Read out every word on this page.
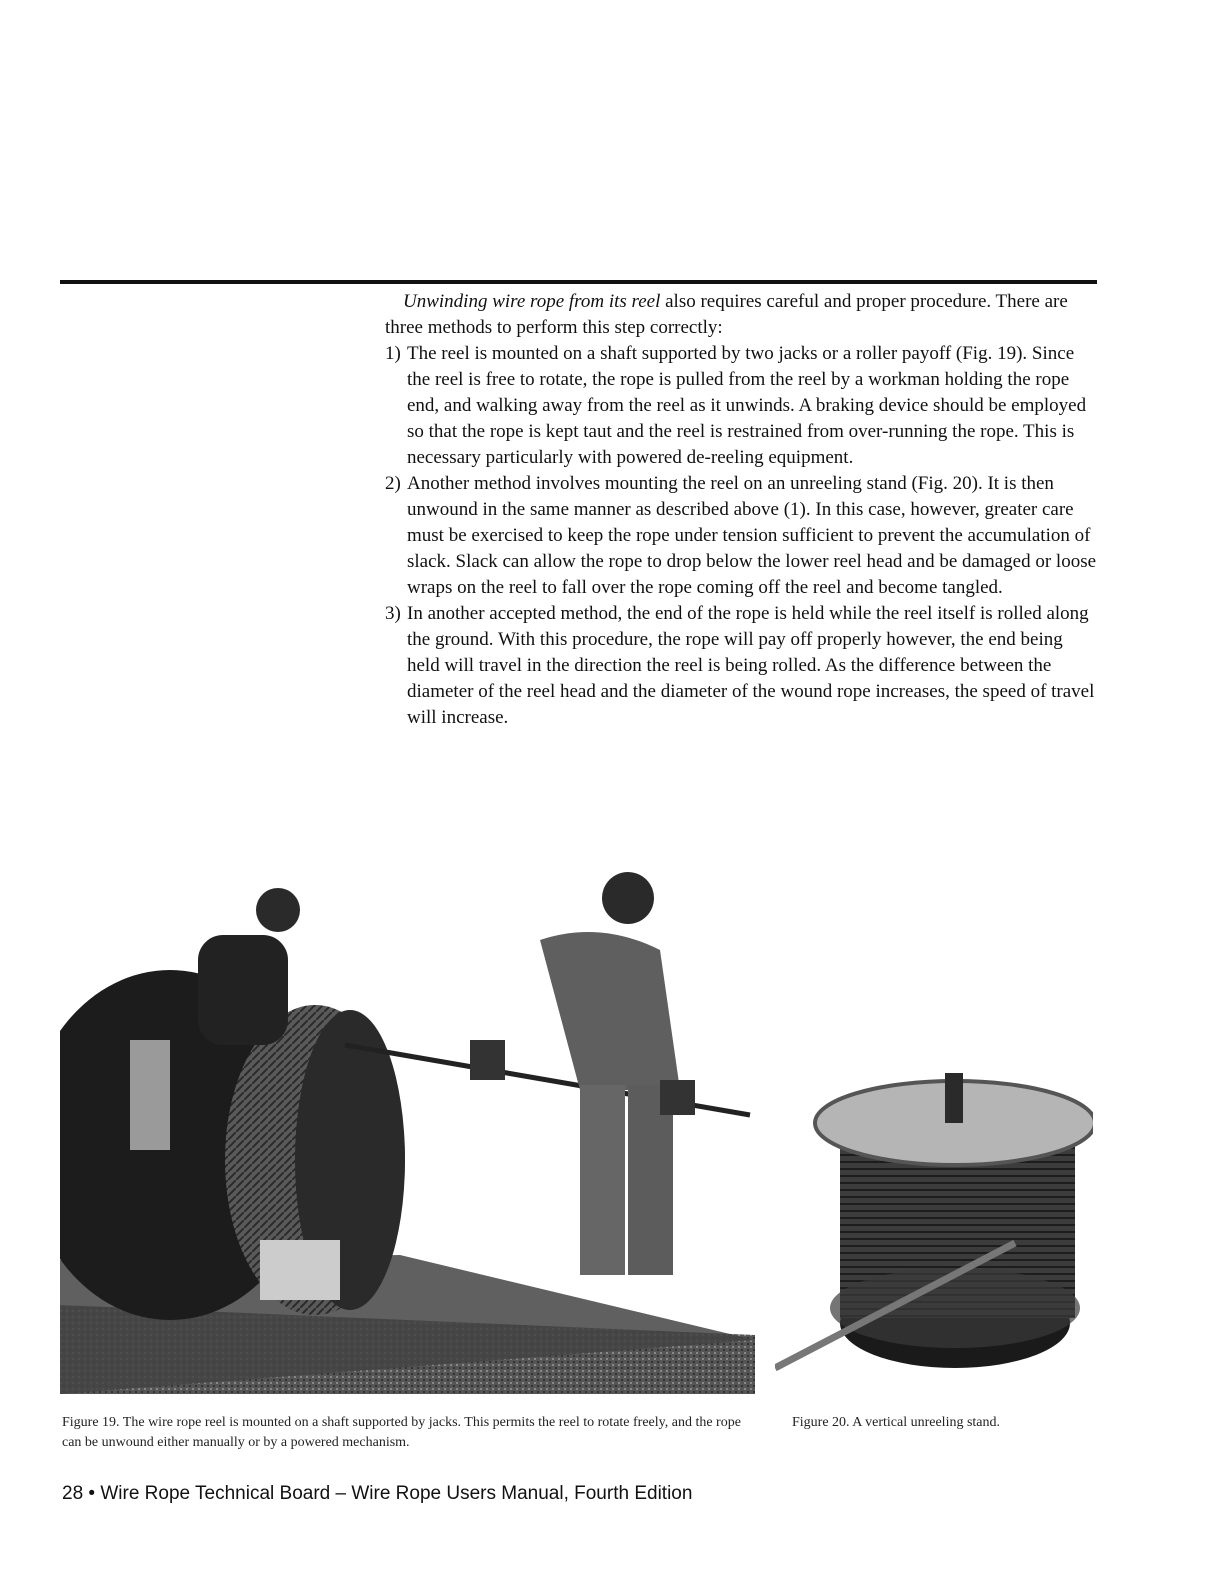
Unwinding wire rope from its reel also requires careful and proper procedure. There are three methods to perform this step correctly:

1) The reel is mounted on a shaft supported by two jacks or a roller payoff (Fig. 19). Since the reel is free to rotate, the rope is pulled from the reel by a workman holding the rope end, and walking away from the reel as it unwinds. A braking device should be employed so that the rope is kept taut and the reel is restrained from over-running the rope. This is necessary particularly with powered de-reeling equipment.
2) Another method involves mounting the reel on an unreeling stand (Fig. 20). It is then unwound in the same manner as described above (1). In this case, however, greater care must be exercised to keep the rope under tension sufficient to prevent the accumulation of slack. Slack can allow the rope to drop below the lower reel head and be damaged or loose wraps on the reel to fall over the rope coming off the reel and become tangled.
3) In another accepted method, the end of the rope is held while the reel itself is rolled along the ground. With this procedure, the rope will pay off properly however, the end being held will travel in the direction the reel is being rolled. As the difference between the diameter of the reel head and the diameter of the wound rope increases, the speed of travel will increase.

Figure 19. The wire rope reel is mounted on a shaft supported by jacks. This permits the reel to rotate freely, and the rope can be unwound either manually or by a powered mechanism.

Figure 20. A vertical unreeling stand.

28 • Wire Rope Technical Board – Wire Rope Users Manual, Fourth Edition
